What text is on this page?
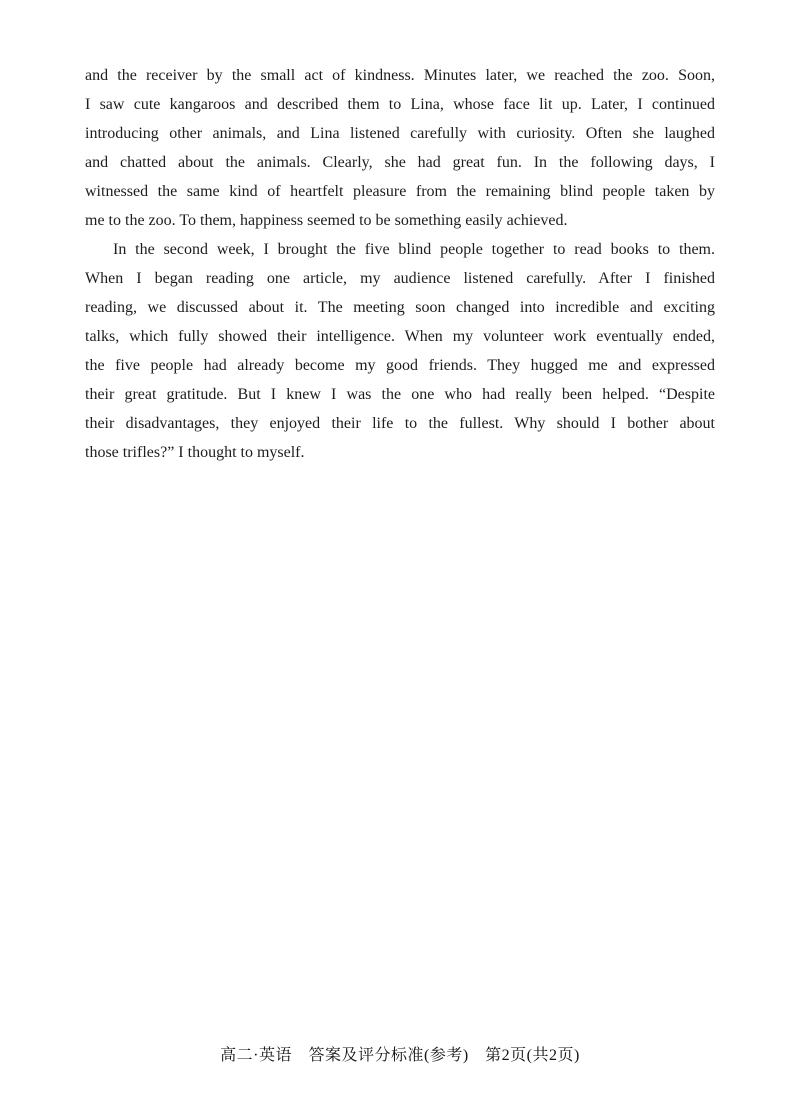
and the receiver by the small act of kindness. Minutes later, we reached the zoo. Soon,
I saw cute kangaroos and described them to Lina, whose face lit up. Later, I continued
introducing other animals, and Lina listened carefully with curiosity. Often she laughed
and chatted about the animals. Clearly, she had great fun. In the following days, I
witnessed the same kind of heartfelt pleasure from the remaining blind people taken by
me to the zoo. To them, happiness seemed to be something easily achieved.
In the second week, I brought the five blind people together to read books to them.
When I began reading one article, my audience listened carefully. After I finished
reading, we discussed about it. The meeting soon changed into incredible and exciting
talks, which fully showed their intelligence. When my volunteer work eventually ended,
the five people had already become my good friends. They hugged me and expressed
their great gratitude. But I knew I was the one who had really been helped. “Despite
their disadvantages, they enjoyed their life to the fullest. Why should I bother about
those trifles?” I thought to myself.
高二·英语　答案及评分标准(参考)　第2页(共2页)
